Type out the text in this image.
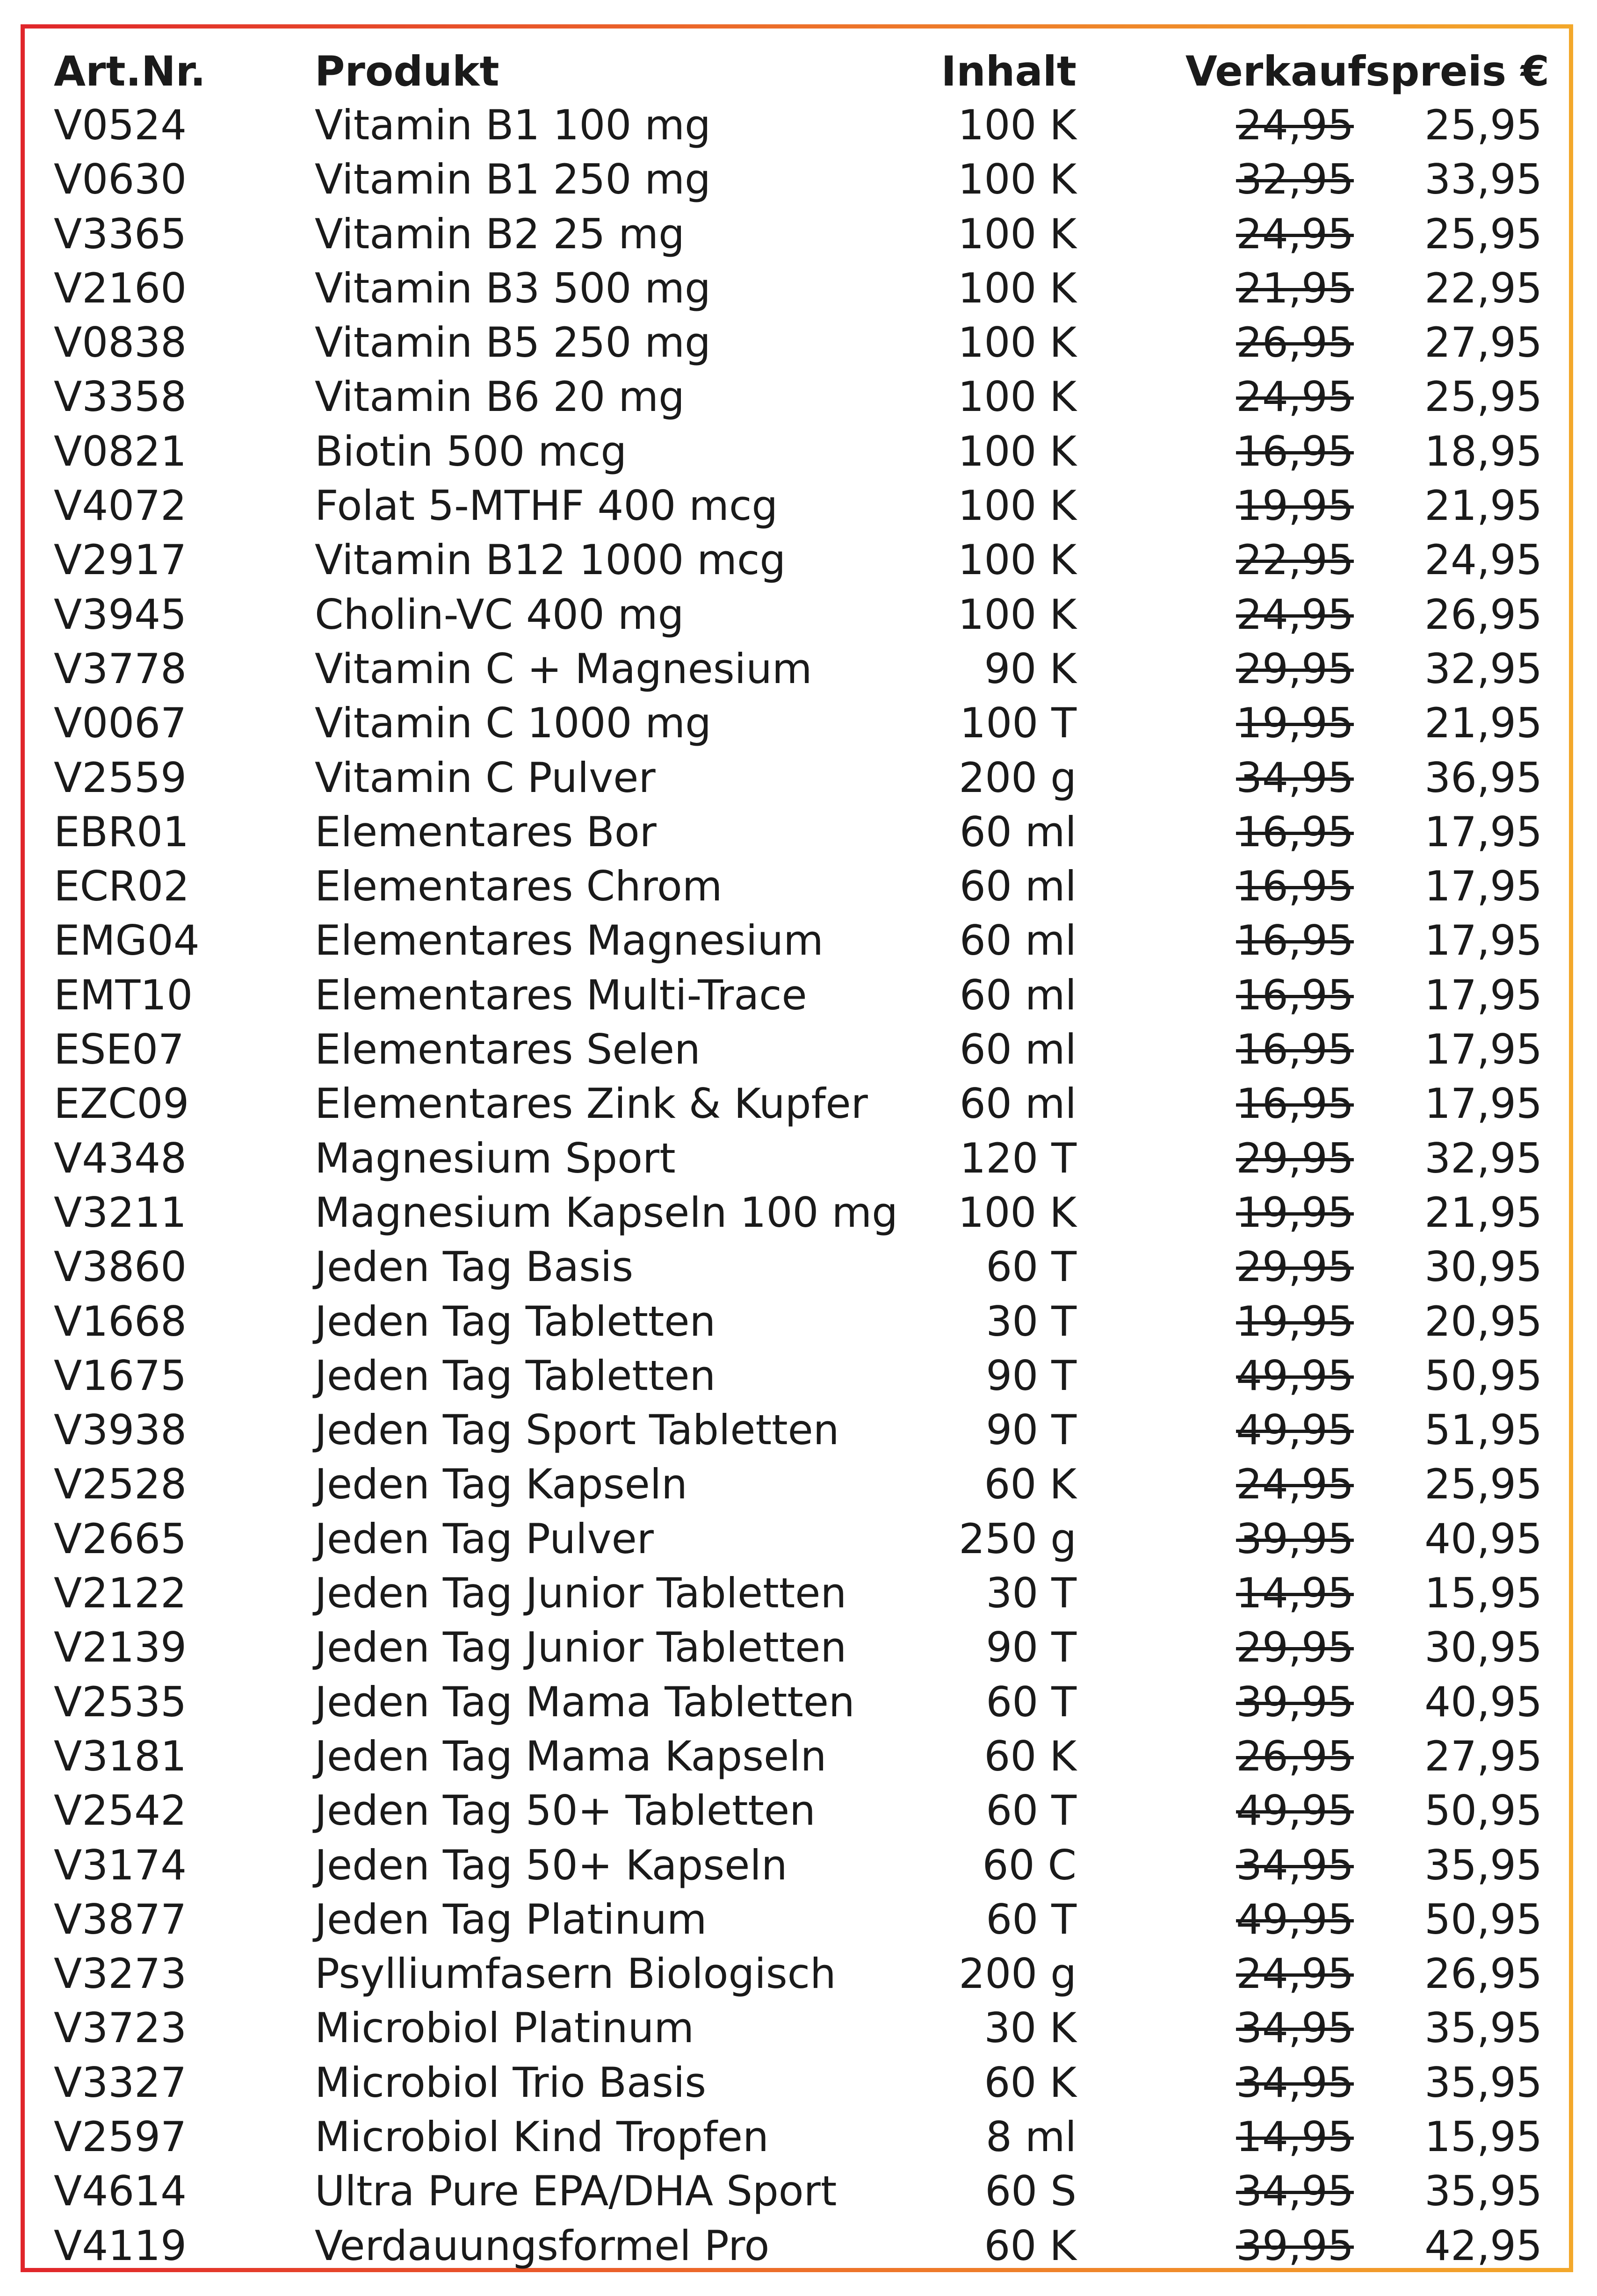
Art.Nr.	Produkt	Inhalt	Verkaufspreis €
V0524	Vitamin B1 100 mg	100 K	24,95 25,95
V0630	Vitamin B1 250 mg	100 K	32,95 33,95
V3365	Vitamin B2 25 mg	100 K	24,95 25,95
V2160	Vitamin B3 500 mg	100 K	21,95 22,95
V0838	Vitamin B5 250 mg	100 K	26,95 27,95
V3358	Vitamin B6 20 mg	100 K	24,95 25,95
V0821	Biotin 500 mcg	100 K	16,95 18,95
V4072	Folat 5-MTHF 400 mcg	100 K	19,95 21,95
V2917	Vitamin B12 1000 mcg	100 K	22,95 24,95
V3945	Cholin-VC 400 mg	100 K	24,95 26,95
V3778	Vitamin C + Magnesium	90 K	29,95 32,95
V0067	Vitamin C 1000 mg	100 T	19,95 21,95
V2559	Vitamin C Pulver	200 g	34,95 36,95
EBR01	Elementares Bor	60 ml	16,95 17,95
ECR02	Elementares Chrom	60 ml	16,95 17,95
EMG04	Elementares Magnesium	60 ml	16,95 17,95
EMT10	Elementares Multi-Trace	60 ml	16,95 17,95
ESE07	Elementares Selen	60 ml	16,95 17,95
EZC09	Elementares Zink & Kupfer 60 ml	16,95 17,95
V4348	Magnesium Sport	120 T	29,95 32,95
V3211	Magnesium Kapseln 100 mg 100 K	19,95 21,95
V3860	Jeden Tag Basis	60 T	29,95 30,95
V1668	Jeden Tag Tabletten	30 T	19,95 20,95
V1675	Jeden Tag Tabletten	90 T	49,95 50,95
V3938	Jeden Tag Sport Tabletten	90 T	49,95 51,95
V2528	Jeden Tag Kapseln	60 K	24,95 25,95
V2665	Jeden Tag Pulver	250 g	39,95 40,95
V2122	Jeden Tag Junior Tabletten	30 T	14,95 15,95
V2139	Jeden Tag Junior Tabletten	90 T	29,95 30,95
V2535	Jeden Tag Mama Tabletten	60 T	39,95 40,95
V3181	Jeden Tag Mama Kapseln	60 K	26,95 27,95
V2542	Jeden Tag 50+ Tabletten	60 T	49,95 50,95
V3174	Jeden Tag 50+ Kapseln	60 C	34,95 35,95
V3877	Jeden Tag Platinum	60 T	49,95 50,95
V3273	Psylliumfasern Biologisch	200 g	24,95 26,95
V3723	Microbiol Platinum	30 K	34,95 35,95
V3327	Microbiol Trio Basis	60 K	34,95 35,95
V2597	Microbiol Kind Tropfen	8 ml	14,95 15,95
V4614	Ultra Pure EPA/DHA Sport	60 S	34,95 35,95
V4119	Verdauungsformel Pro	60 K	39,95 42,95
